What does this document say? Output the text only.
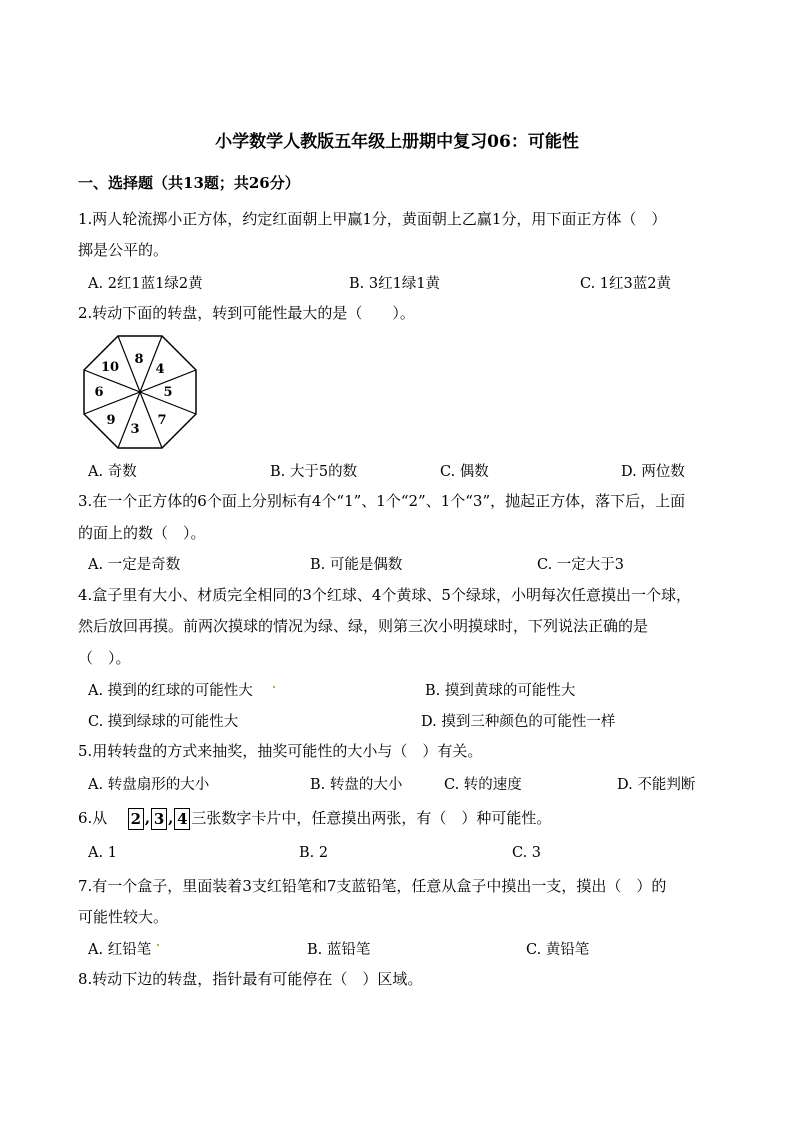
小学数学人教版五年级上册期中复习06：可能性
一、选择题（共13题；共26分）
1.两人轮流掷小正方体，约定红面朝上甲赢1分，黄面朝上乙赢1分，用下面正方体（　）
掷是公平的。
A. 2红1蓝1绿2黄	B. 3红1绿1黄	C. 1红3蓝2黄
2.转动下面的转盘，转到可能性最大的是（　　）。
8
4
5
7
3
9
6
10
A. 奇数	B. 大于5的数	C. 偶数	D. 两位数
3.在一个正方体的6个面上分别标有4个“1”、1个“2”、1个“3”，抛起正方体，落下后，上面
的面上的数（　）。
A. 一定是奇数	B. 可能是偶数	C. 一定大于3
4.盒子里有大小、材质完全相同的3个红球、4个黄球、5个绿球，小明每次任意摸出一个球，
然后放回再摸。前两次摸球的情况为绿、绿，则第三次小明摸球时，下列说法正确的是
（　）。
A. 摸到的红球的可能性大	B. 摸到黄球的可能性大
C. 摸到绿球的可能性大	D. 摸到三种颜色的可能性一样
5.用转转盘的方式来抽奖，抽奖可能性的大小与（　）有关。
A. 转盘扇形的大小	B. 转盘的大小	C. 转的速度	D. 不能判断
6.从 2 , 3 , 4 三张数字卡片中，任意摸出两张，有（　）种可能性。
A. 1	B. 2	C. 3
7.有一个盒子，里面装着3支红铅笔和7支蓝铅笔，任意从盒子中摸出一支，摸出（　）的
可能性较大。
A. 红铅笔	B. 蓝铅笔	C. 黄铅笔
8.转动下边的转盘，指针最有可能停在（　）区域。
